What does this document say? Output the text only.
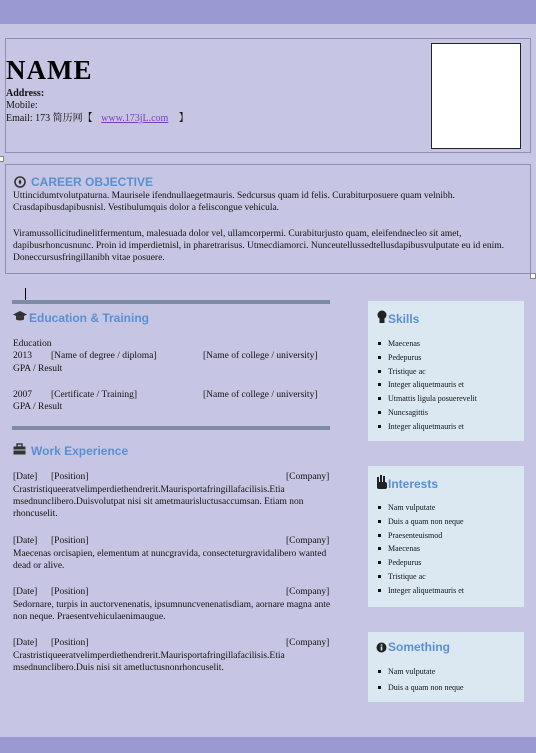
NAME
Address:
Mobile:
Email: 173 简历网【 www.173jL.com 】
CAREER OBJECTIVE
Uttincidumtvolutpaturna. Maurisele ifendnullaegetmauris. Sedcursus quam id felis. Curabiturposuere quam velnibh. Crasdapibusdapibusnisl. Vestibulumquis dolor a feliscongue vehicula.
Viramussollicitudinelitfermentum, malesuada dolor vel, ullamcorpermi. Curabiturjusto quam, eleifendnecleo sit amet, dapibusrhoncusnunc. Proin id imperdietnisl, in pharetrarisus. Utmecdiamorci. Nunceutellussedtellusdapibusvulputate eu id enim. Doneccursusfringillanibh vitae posuere.
Education & Training
Education
2013 [Name of degree / diploma]	[Name of college / university]
GPA / Result
2007 [Certificate / Training]	[Name of college / university]
GPA / Result
Work Experience
[Date] [Position]	[Company]
Crastristiqueeratvelimperdiethendrerit.Maurisportafringillafacilisis.Etia msednunclibero.Duisvolutpat nisi sit ametmaurisluctusaccumsan. Etiam non rhoncuselit.
[Date] [Position]	[Company]
Maecenas orcisapien, elementum at nuncgravida, consecteturgravidalibero wanted dead or alive.
[Date] [Position]	[Company]
Sedornare, turpis in auctorvenenatis, ipsumnuncvenenatisdiam, aornare magna ante non neque. Praesentvehiculaenimaugue.
[Date] [Position]	[Company]
Crastristiqueeratvelimperdiethendrerit.Maurisportafringillafacilisis.Etia msednunclibero.Duis nisi sit ametluctusnonrhoncuselit.
Skills
Maecenas
Pedepurus
Tristique ac
Integer aliquetmauris et
Utmattis ligula posuerevelit
Nuncsagittis
Integer aliquetmauris et
Interests
Nam vulputate
Duis a quam non neque
Praesenteuismod
Maecenas
Pedepurus
Tristique ac
Integer aliquetmauris et
Something
Nam vulputate
Duis a quam non neque
